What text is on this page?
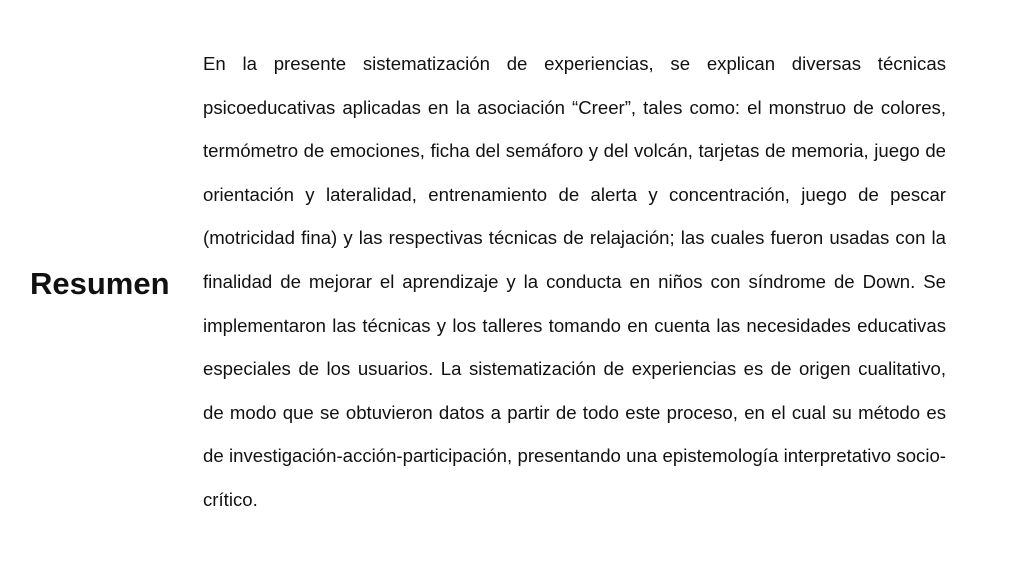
Resumen

En la presente sistematización de experiencias, se explican diversas técnicas psicoeducativas aplicadas en la asociación “Creer”, tales como: el monstruo de colores, termómetro de emociones, ficha del semáforo y del volcán, tarjetas de memoria, juego de orientación y lateralidad, entrenamiento de alerta y concentración, juego de pescar (motricidad fina) y las respectivas técnicas de relajación; las cuales fueron usadas con la finalidad de mejorar el aprendizaje y la conducta en niños con síndrome de Down. Se implementaron las técnicas y los talleres tomando en cuenta las necesidades educativas especiales de los usuarios. La sistematización de experiencias es de origen cualitativo, de modo que se obtuvieron datos a partir de todo este proceso, en el cual su método es de investigación-acción-participación, presentando una epistemología interpretativo socio-crítico.
